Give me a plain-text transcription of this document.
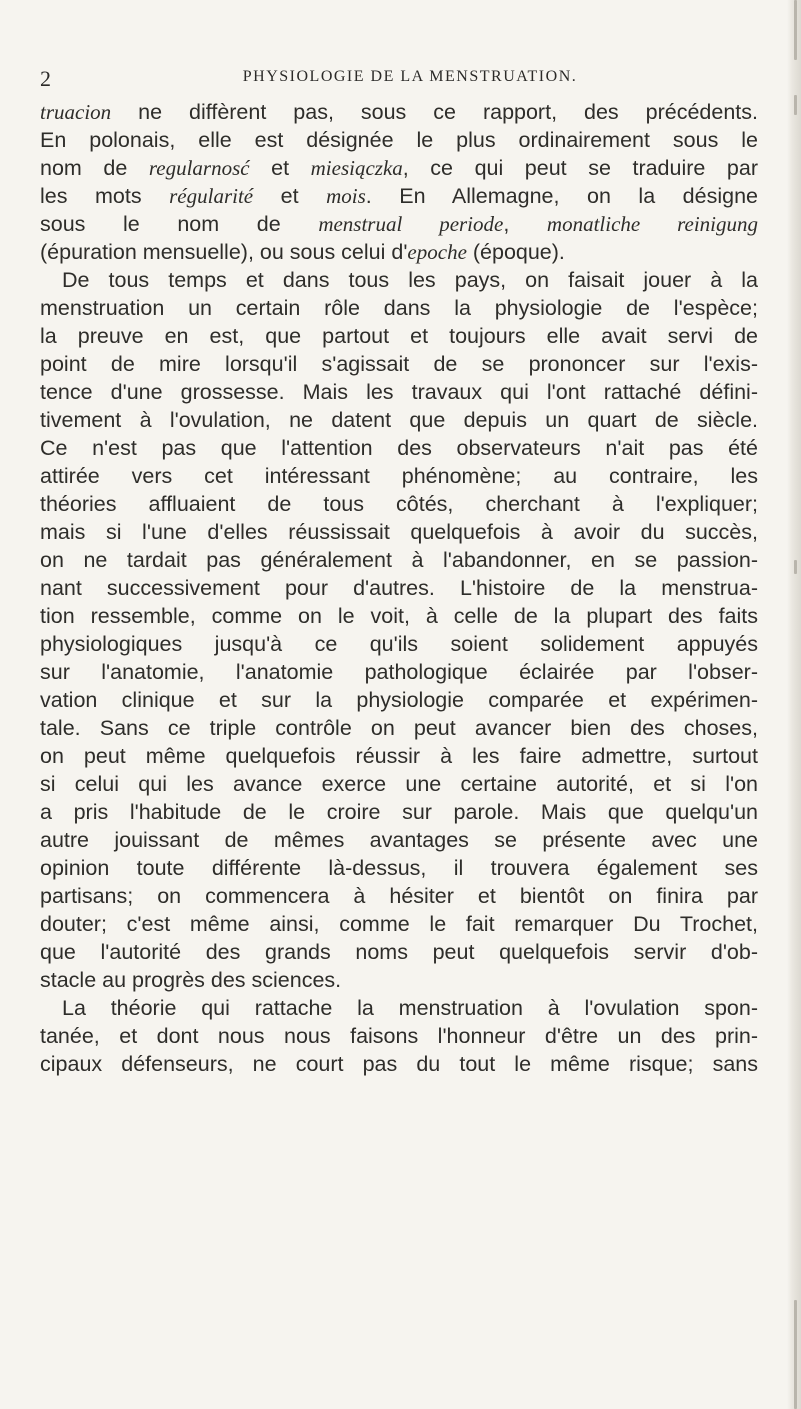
2	PHYSIOLOGIE DE LA MENSTRUATION.
truacion ne diffèrent pas, sous ce rapport, des précédents.
En polonais, elle est désignée le plus ordinairement sous le
nom de regularnosć et miesiączka, ce qui peut se traduire par
les mots régularité et mois. En Allemagne, on la désigne
sous le nom de menstrual periode, monatliche reinigung
(épuration mensuelle), ou sous celui d'epoche (époque).
De tous temps et dans tous les pays, on faisait jouer à la
menstruation un certain rôle dans la physiologie de l'espèce;
la preuve en est, que partout et toujours elle avait servi de
point de mire lorsqu'il s'agissait de se prononcer sur l'exis-
tence d'une grossesse. Mais les travaux qui l'ont rattaché défini-
tivement à l'ovulation, ne datent que depuis un quart de siècle.
Ce n'est pas que l'attention des observateurs n'ait pas été
attirée vers cet intéressant phénomène; au contraire, les
théories affluaient de tous côtés, cherchant à l'expliquer;
mais si l'une d'elles réussissait quelquefois à avoir du succès,
on ne tardait pas généralement à l'abandonner, en se passion-
nant successivement pour d'autres. L'histoire de la menstrua-
tion ressemble, comme on le voit, à celle de la plupart des faits
physiologiques jusqu'à ce qu'ils soient solidement appuyés
sur l'anatomie, l'anatomie pathologique éclairée par l'obser-
vation clinique et sur la physiologie comparée et expérimen-
tale. Sans ce triple contrôle on peut avancer bien des choses,
on peut même quelquefois réussir à les faire admettre, surtout
si celui qui les avance exerce une certaine autorité, et si l'on
a pris l'habitude de le croire sur parole. Mais que quelqu'un
autre jouissant de mêmes avantages se présente avec une
opinion toute différente là-dessus, il trouvera également ses
partisans; on commencera à hésiter et bientôt on finira par
douter; c'est même ainsi, comme le fait remarquer Du Trochet,
que l'autorité des grands noms peut quelquefois servir d'ob-
stacle au progrès des sciences.
La théorie qui rattache la menstruation à l'ovulation spon-
tanée, et dont nous nous faisons l'honneur d'être un des prin-
cipaux défenseurs, ne court pas du tout le même risque; sans
